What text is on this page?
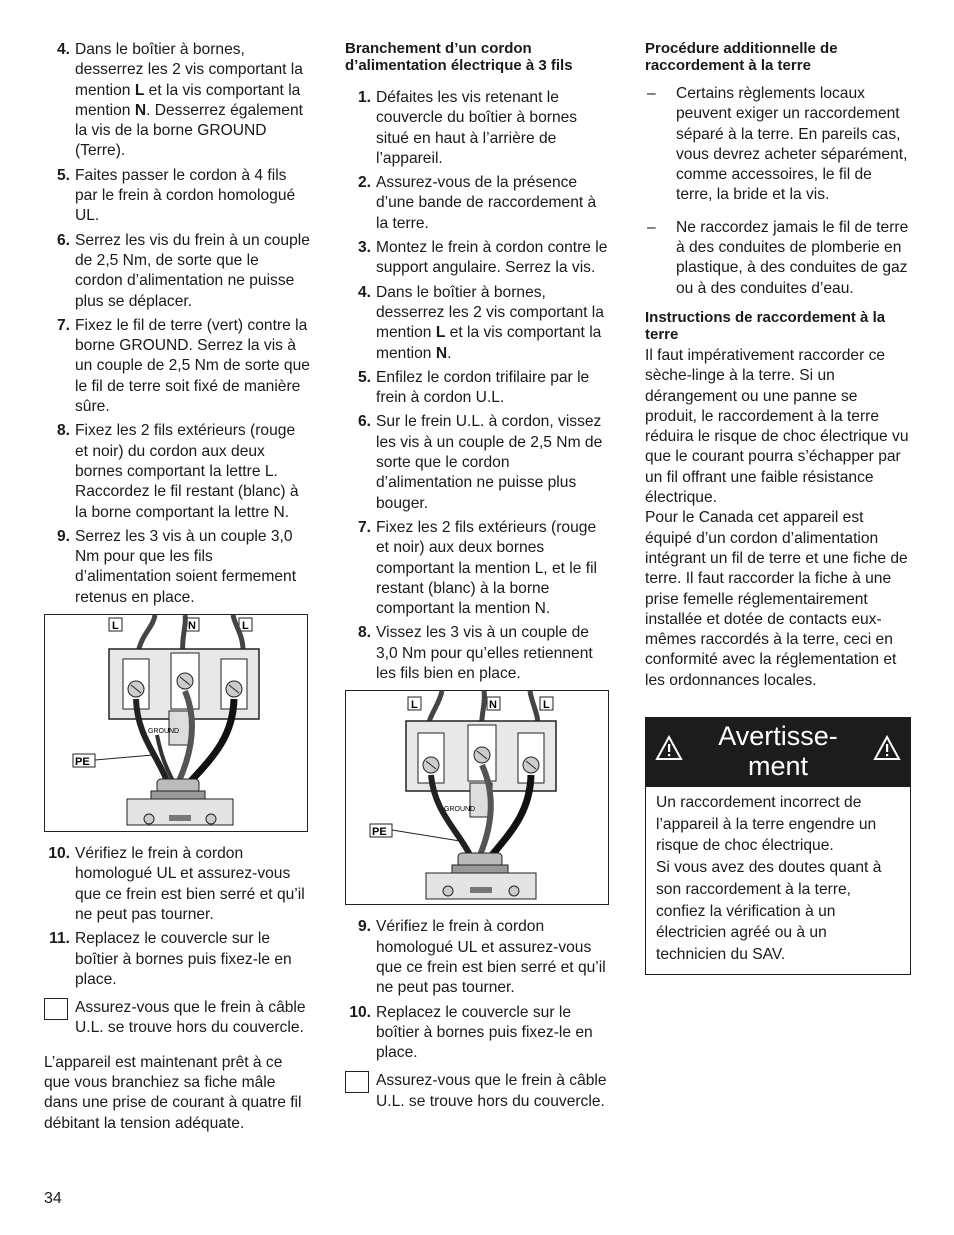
4. Dans le boîtier à bornes, desserrez les 2 vis comportant la mention L et la vis comportant la mention N. Desserrez également la vis de la borne GROUND (Terre).
5. Faites passer le cordon à 4 fils par le frein à cordon homologué UL.
6. Serrez les vis du frein à un couple de 2,5 Nm, de sorte que le cordon d’alimentation ne puisse plus se déplacer.
7. Fixez le fil de terre (vert) contre la borne GROUND. Serrez la vis à un couple de 2,5 Nm de sorte que le fil de terre soit fixé de manière sûre.
8. Fixez les 2 fils extérieurs (rouge et noir) du cordon aux deux bornes comportant la lettre L. Raccordez le fil restant (blanc) à la borne comportant la lettre N.
9. Serrez les 3 vis à un couple 3,0 Nm pour que les fils d’alimentation soient fermement retenus en place.
L	N	L
GROUND
PE
10. Vérifiez le frein à cordon homologué UL et assurez-vous que ce frein est bien serré et qu’il ne peut pas tourner.
11. Replacez le couvercle sur le boîtier à bornes puis fixez-le en place.
Assurez-vous que le frein à câble U.L. se trouve hors du couvercle.

L’appareil est maintenant prêt à ce que vous branchiez sa fiche mâle dans une prise de courant à quatre fil débitant la tension adéquate.

Branchement d’un cordon d’alimentation électrique à 3 fils

1. Défaites les vis retenant le couvercle du boîtier à bornes situé en haut à l’arrière de l’appareil.
2. Assurez-vous de la présence d’une bande de raccordement à la terre.
3. Montez le frein à cordon contre le support angulaire. Serrez la vis.
4. Dans le boîtier à bornes, desserrez les 2 vis comportant la mention L et la vis comportant la mention N.
5. Enfilez le cordon trifilaire par le frein à cordon U.L.
6. Sur le frein U.L. à cordon, vissez les vis à un couple de 2,5 Nm de sorte que le cordon d’alimentation ne puisse plus bouger.
7. Fixez les 2 fils extérieurs (rouge et noir) aux deux bornes comportant la mention L, et le fil restant (blanc) à la borne comportant la mention N.
8. Vissez les 3 vis à un couple de 3,0 Nm pour qu’elles retiennent les fils bien en place.
L	N	L
GROUND
PE
9. Vérifiez le frein à cordon homologué UL et assurez-vous que ce frein est bien serré et qu’il ne peut pas tourner.
10. Replacez le couvercle sur le boîtier à bornes puis fixez-le en place.
Assurez-vous que le frein à câble U.L. se trouve hors du couvercle.

Procédure additionnelle de raccordement à la terre

– Certains règlements locaux peuvent exiger un raccordement séparé à la terre. En pareils cas, vous devrez acheter séparément, comme accessoires, le fil de terre, la bride et la vis.
– Ne raccordez jamais le fil de terre à des conduites de plomberie en plastique, à des conduites de gaz ou à des conduites d’eau.

Instructions de raccordement à la terre

Il faut impérativement raccorder ce sèche-linge à la terre. Si un dérangement ou une panne se produit, le raccordement à la terre réduira le risque de choc électrique vu que le courant pourra s’échapper par un fil offrant une faible résistance électrique.

Pour le Canada cet appareil est équipé d’un cordon d’alimentation intégrant un fil de terre et une fiche de terre. Il faut raccorder la fiche à une prise femelle réglementairement installée et dotée de contacts eux-mêmes raccordés à la terre, ceci en conformité avec la réglementation et les ordonnances locales.

Avertisse-
ment
Un raccordement incorrect de l’appareil à la terre engendre un risque de choc électrique.
Si vous avez des doutes quant à son raccordement à la terre, confiez la vérification à un électricien agréé ou à un technicien du SAV.
34
